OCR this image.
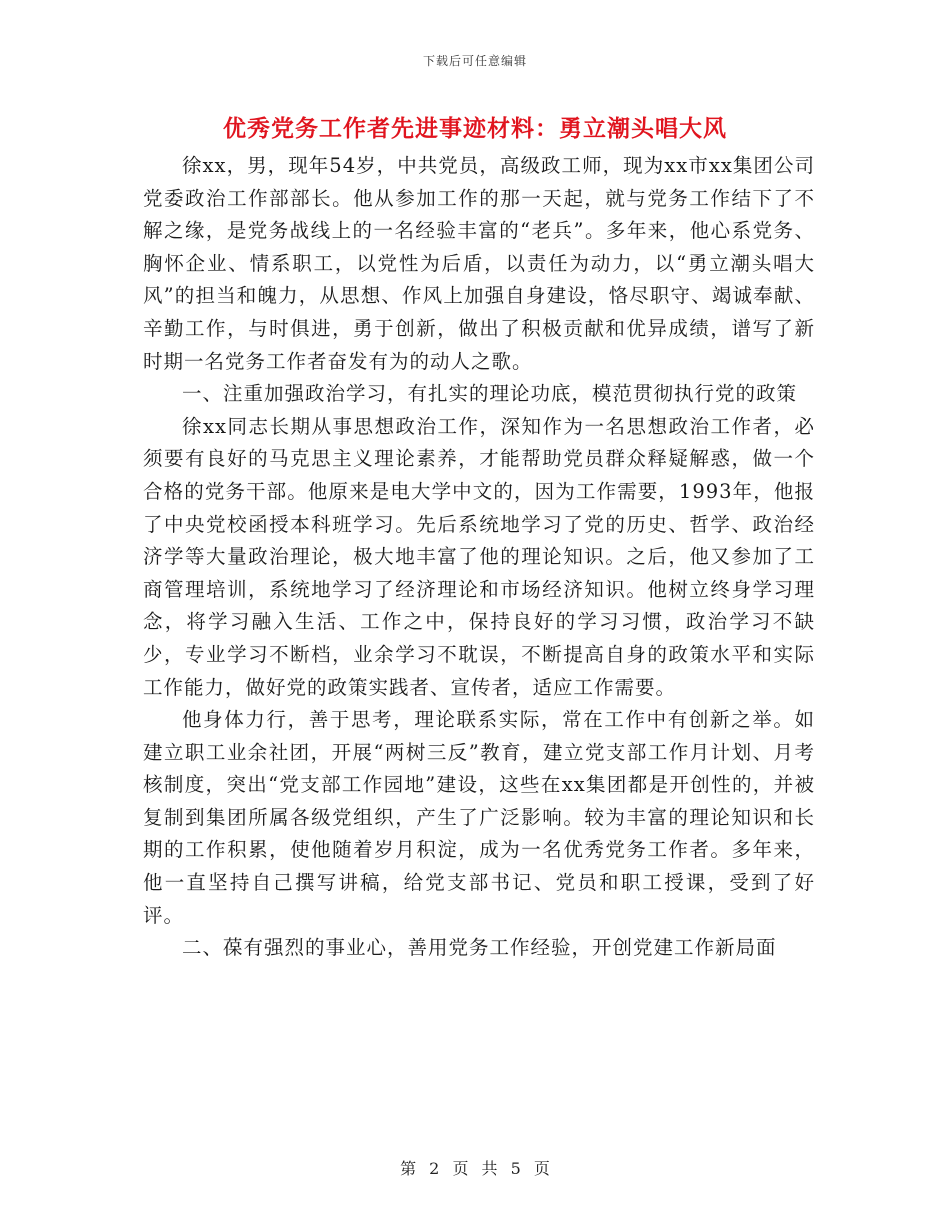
下载后可任意编辑
优秀党务工作者先进事迹材料：勇立潮头唱大风

徐xx，男，现年54岁，中共党员，高级政工师，现为xx市xx集团公司党委政治工作部部长。他从参加工作的那一天起，就与党务工作结下了不解之缘，是党务战线上的一名经验丰富的“老兵”。多年来，他心系党务、胸怀企业、情系职工，以党性为后盾，以责任为动力，以“勇立潮头唱大风”的担当和魄力，从思想、作风上加强自身建设，恪尽职守、竭诚奉献、辛勤工作，与时俱进，勇于创新，做出了积极贡献和优异成绩，谱写了新时期一名党务工作者奋发有为的动人之歌。

一、注重加强政治学习，有扎实的理论功底，模范贯彻执行党的政策

徐xx同志长期从事思想政治工作，深知作为一名思想政治工作者，必须要有良好的马克思主义理论素养，才能帮助党员群众释疑解惑，做一个合格的党务干部。他原来是电大学中文的，因为工作需要，1993年，他报了中央党校函授本科班学习。先后系统地学习了党的历史、哲学、政治经济学等大量政治理论，极大地丰富了他的理论知识。之后，他又参加了工商管理培训，系统地学习了经济理论和市场经济知识。他树立终身学习理念，将学习融入生活、工作之中，保持良好的学习习惯，政治学习不缺少，专业学习不断档，业余学习不耽误，不断提高自身的政策水平和实际工作能力，做好党的政策实践者、宣传者，适应工作需要。

他身体力行，善于思考，理论联系实际，常在工作中有创新之举。如建立职工业余社团，开展“两树三反”教育，建立党支部工作月计划、月考核制度，突出“党支部工作园地”建设，这些在xx集团都是开创性的，并被复制到集团所属各级党组织，产生了广泛影响。较为丰富的理论知识和长期的工作积累，使他随着岁月积淀，成为一名优秀党务工作者。多年来，他一直坚持自己撰写讲稿，给党支部书记、党员和职工授课，受到了好评。

二、葆有强烈的事业心，善用党务工作经验，开创党建工作新局面

第 2 页 共 5 页
